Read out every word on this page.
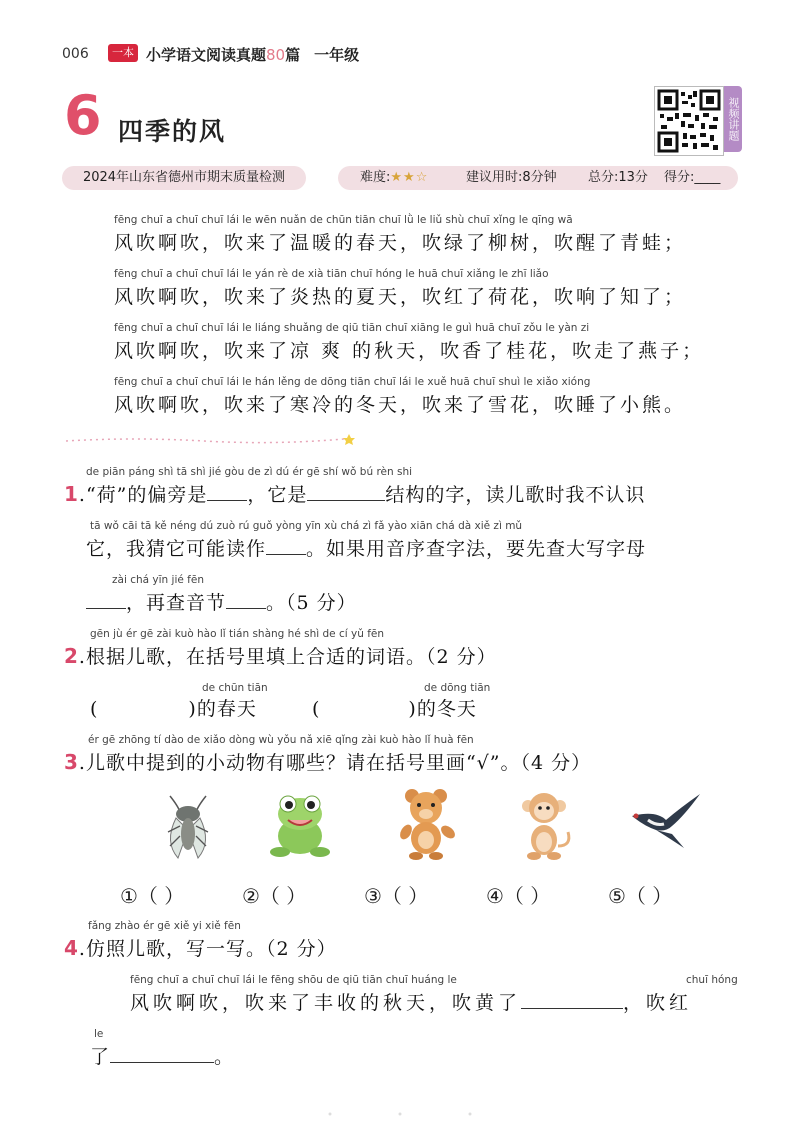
006	一本 小学语文阅读真题80篇 一年级
6 四季的风	视频讲题
2024年山东省德州市期末质量检测	难度:★★☆	建议用时:8分钟 总分:13分 得分:____
fēng chuī a chuī chuī lái le wēn nuǎn de chūn tiān chuī lǜ le liǔ shù chuī xǐng le qīng wā
风吹啊吹，吹来了温暖的春天，吹绿了柳树，吹醒了青蛙；
fēng chuī a chuī chuī lái le yán rè de xià tiān chuī hóng le huā chuī xiǎng le zhī liǎo
风吹啊吹，吹来了炎热的夏天，吹红了荷花，吹响了知了；
fēng chuī a chuī chuī lái le liáng shuǎng de qiū tiān chuī xiāng le guì huā chuī zǒu le yàn zi
风吹啊吹，吹来了凉 爽 的秋天，吹香了桂花，吹走了燕子；
fēng chuī a chuī chuī lái le hán lěng de dōng tiān chuī lái le xuě huā chuī shuì le xiǎo xióng
风吹啊吹，吹来了寒冷的冬天，吹来了雪花，吹睡了小熊。
de piān páng shì tā shì jié gòu de zì dú ér gē shí wǒ bú rèn shi
1.“荷”的偏旁是 ，它是	结构的字，读儿歌时我不认识
tā wǒ cāi tā kě néng dú zuò rú guǒ yòng yīn xù chá zì fǎ yào xiān chá dà xiě zì mǔ
它，我猜它可能读作 。如果用音序查字法，要先查大写字母
zài chá yīn jié fēn
，再查音节 。（5 分）
gēn jù ér gē zài kuò hào lǐ tián shàng hé shì de cí yǔ fēn
2.根据儿歌，在括号里填上合适的词语。（2 分）
de chūn tiān	de dōng tiān
(	)的春天	(	)的冬天
ér gē zhōng tí dào de xiǎo dòng wù yǒu nǎ xiē qǐng zài kuò hào lǐ huà fēn
3.儿歌中提到的小动物有哪些？请在括号里画“√”。（4 分）
①（ ）	②（ ）	③（ ）	④（ ）	⑤（ ）
fǎng zhào ér gē xiě yi xiě fēn
4.仿照儿歌，写一写。（2 分）
fēng chuī a chuī chuī lái le fēng shōu de qiū tiān chuī huáng le	chuī hóng
风吹啊吹，吹来了丰收的秋天，吹黄了	，吹红
le
了	。
